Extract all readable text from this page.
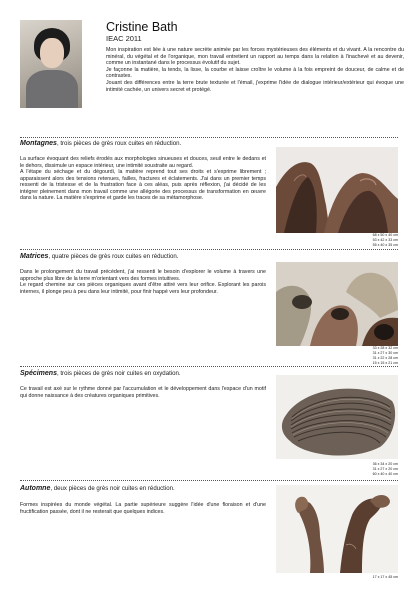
Cristine Bath
IEAC 2011

Mon inspiration est liée à une nature secrète animée par les forces mystérieuses des éléments et du vivant. A la rencontre du minéral, du végétal et de l'organique, mon travail entretient un rapport au temps dans la relation à l'inachevé et au devenir, comme un instantané dans le processus évolutif du sujet.

Je façonne la matière, la tends, la lisse, la courbe et laisse croître le volume à la fois empreint de douceur, de calme et de contrastes.

Jouant des différences entre la terre brute texturée et l'émail, j'exprime l'idée de dialogue intérieur/extérieur qui évoque une intimité cachée, un univers secret et protégé.

Montagnes, trois pièces de grès roux cuites en réduction.

La surface évoquant des reliefs érodés aux morphologies sinueuses et douces, seuil entre le dedans et le dehors, dissimule un espace intérieur, une intimité soustraite au regard.

A l'étape du séchage et du dégourdi, la matière reprend tout ses droits et s'exprime librement ; apparaissent alors des tensions retenues, failles, fractures et éclatements. J'ai dans un premier temps ressenti de la tristesse et de la frustration face à ces aléas, puis après réflexion, j'ai décidé de les intégrer pleinement dans mon travail comme une allégorie des processus de transformation en œuvre dans la nature. La matière s'exprime et garde les traces de sa métamorphose.

68 x 50 x 40 cm
53 x 42 x 33 cm
55 x 40 x 35 cm
Matrices, quatre pièces de grès roux cuites en réduction.

Dans le prolongement du travail précédent, j'ai ressenti le besoin d'explorer le volume à travers une approche plus libre de la terre m'orientant vers des formes intuitives.

Le regard chemine sur ces pièces organiques avant d'être attiré vers leur orifice. Explorant les parois internes, il plonge peu à peu dans leur intimité, pour finir happé vers leur profondeur.

33 x 28 x 32 cm
31 x 27 x 30 cm
31 x 22 x 28 cm
15 x 15 x 21 cm
Spécimens, trois pièces de grès noir cuites en oxydation.

Ce travail est axé sur le rythme donné par l'accumulation et le développement dans l'espace d'un motif qui donne naissance à des créatures organiques primitives.

36 x 34 x 20 cm
31 x 27 x 20 cm
60 x 40 x 40 cm
Automne, deux pièces de grès noir cuites en réduction.

Formes inspirées du monde végétal. La partie supérieure suggère l'idée d'une floraison et d'une fructification passée, dont il ne resterait que quelques indices.

17 x 17 x 45 cm
